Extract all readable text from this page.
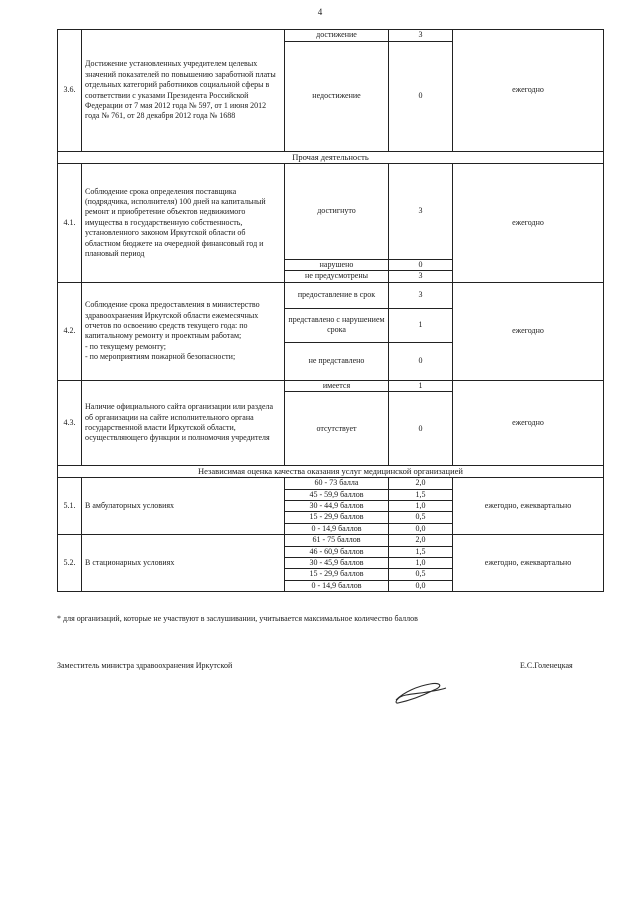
4
3.6.	Достижение установленных учредителем целевых значений показателей по повышению заработной платы отдельных категорий работников социальной сферы в соответствии с указами Президента Российской Федерации от 7 мая 2012 года № 597, от 1 июня 2012 года № 761, от 28 декабря 2012 года № 1688	достижение	3	ежегодно
		недостижение	0	
Прочая деятельность				
4.1.	Соблюдение срока определения поставщика (подрядчика, исполнителя) 100 дней на капитальный ремонт и приобретение объектов недвижимого имущества в государственную собственность, установленного законом Иркутской области об областном бюджете на очередной финансовый год и плановый период	достигнуто	3	ежегодно
		нарушено	0	
		не предусмотрены	3	
4.2.	Соблюдение срока предоставления в министерство здравоохранения Иркутской области ежемесячных отчетов по освоению средств текущего года: по капитальному ремонту и проектным работам;
- по текущему ремонту;
- по мероприятиям пожарной безопасности;	предоставление в срок	3	ежегодно
		представлено с нарушением срока	1	
		не представлено	0	
4.3.	Наличие официального сайта организации или раздела об организации на сайте исполнительного органа государственной власти Иркутской области, осуществляющего функции и полномочия учредителя	имеется	1	ежегодно
		отсутствует	0	
Независимая оценка качества оказания услуг медицинской организацией				
5.1.	В амбулаторных условиях	60 - 73 балла	2,0	ежегодно, ежеквартально
		45 - 59,9 баллов	1,5	
		30 - 44,9 баллов	1,0	
		15 - 29,9 баллов	0,5	
		0 - 14,9 баллов	0,0	
5.2.	В стационарных условиях	61 - 75 баллов	2,0	ежегодно, ежеквартально
		46 - 60,9 баллов	1,5	
		30 - 45,9 баллов	1,0	
		15 - 29,9 баллов	0,5	
		0 - 14,9 баллов	0,0	
* для организаций, которые не участвуют в заслушивании, учитывается максимальное количество баллов
Заместитель министра здравоохранения Иркутской	Е.С.Голенецкая
